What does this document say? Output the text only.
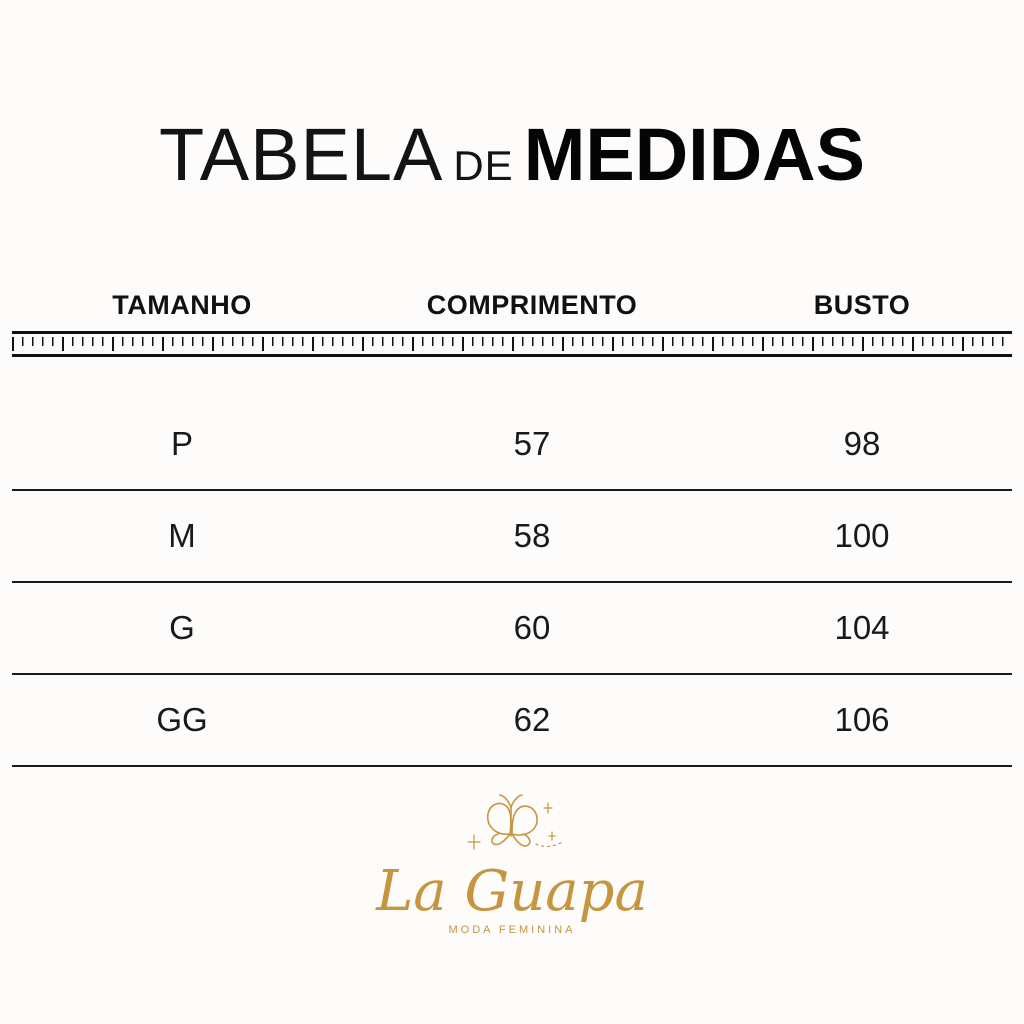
TABELA DE MEDIDAS
TAMANHO	COMPRIMENTO	BUSTO
P	57	98
M	58	100
G	60	104
GG	62	106
La Guapa
MODA FEMININA
